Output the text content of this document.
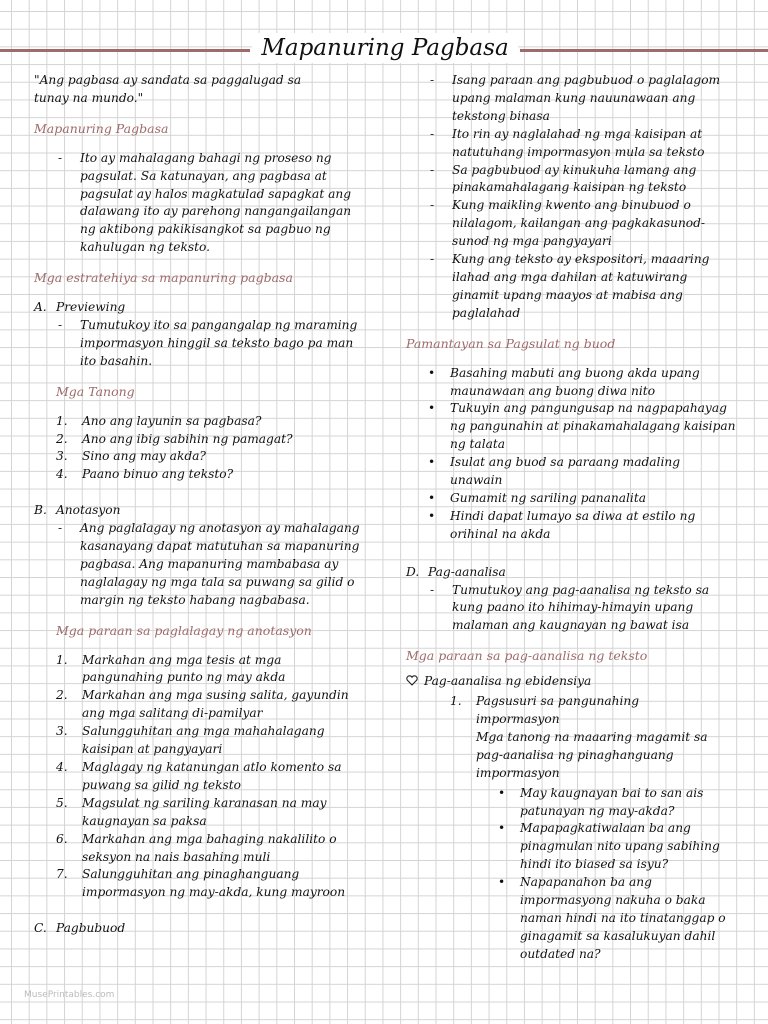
Mapanuring Pagbasa

"Ang pagbasa ay sandata sa paggalugad sa tunay na mundo."

Mapanuring Pagbasa

-	Ito ay mahalagang bahagi ng proseso ng pagsulat. Sa katunayan, ang pagbasa at pagsulat ay halos magkatulad sapagkat ang dalawang ito ay parehong nangangailangan ng aktibong pakikisangkot sa pagbuo ng kahulugan ng teksto.

Mga estratehiya sa mapanuring pagbasa

A. Previewing
-	Tumutukoy ito sa pangangalap ng maraming impormasyon hinggil sa teksto bago pa man ito basahin.

Mga Tanong

1.	Ano ang layunin sa pagbasa?
2.	Ano ang ibig sabihin ng pamagat?
3.	Sino ang may akda?
4.	Paano binuo ang teksto?
B. Anotasyon
-	Ang paglalagay ng anotasyon ay mahalagang kasanayang dapat matutuhan sa mapanuring pagbasa. Ang mapanuring mambabasa ay naglalagay ng mga tala sa puwang sa gilid o margin ng teksto habang nagbabasa.

Mga paraan sa paglalagay ng anotasyon

1.	Markahan ang mga tesis at mga pangunahing punto ng may akda
2.	Markahan ang mga susing salita, gayundin ang mga salitang di-pamilyar
3.	Salungguhitan ang mga mahahalagang kaisipan at pangyayari
4.	Maglagay ng katanungan atlo komento sa puwang sa gilid ng teksto
5.	Magsulat ng sariling karanasan na may kaugnayan sa paksa
6.	Markahan ang mga bahaging nakalilito o seksyon na nais basahing muli
7.	Salungguhitan ang pinaghanguang impormasyon ng may-akda, kung mayroon
C. Pagbubuod
-	Isang paraan ang pagbubuod o paglalagom upang malaman kung nauunawaan ang tekstong binasa
-	Ito rin ay naglalahad ng mga kaisipan at natutuhang impormasyon mula sa teksto
-	Sa pagbubuod ay kinukuha lamang ang pinakamahalagang kaisipan ng teksto
-	Kung maikling kwento ang binubuod o nilalagom, kailangan ang pagkakasunod-sunod ng mga pangyayari
-	Kung ang teksto ay ekspositori, maaaring ilahad ang mga dahilan at katuwirang ginamit upang maayos at mabisa ang paglalahad

Pamantayan sa Pagsulat ng buod

•	Basahing mabuti ang buong akda upang maunawaan ang buong diwa nito
•	Tukuyin ang pangungusap na nagpapahayag ng pangunahin at pinakamahalagang kaisipan ng talata
•	Isulat ang buod sa paraang madaling unawain
•	Gumamit ng sariling pananalita
•	Hindi dapat lumayo sa diwa at estilo ng orihinal na akda
D. Pag-aanalisa
-	Tumutukoy ang pag-aanalisa ng teksto sa kung paano ito hihimay-himayin upang malaman ang kaugnayan ng bawat isa

Mga paraan sa pag-aanalisa ng teksto

Pag-aanalisa ng ebidensiya
1.	Pagsusuri sa pangunahing impormasyon

Mga tanong na maaaring magamit sa pag-aanalisa ng pinaghanguang impormasyon

•	May kaugnayan bai to san ais patunayan ng may-akda?
•	Mapapagkatiwalaan ba ang pinagmulan nito upang sabihing hindi ito biased sa isyu?
•	Napapanahon ba ang impormasyong nakuha o baka naman hindi na ito tinatanggap o ginagamit sa kasalukuyan dahil outdated na?
MusePrintables.com
